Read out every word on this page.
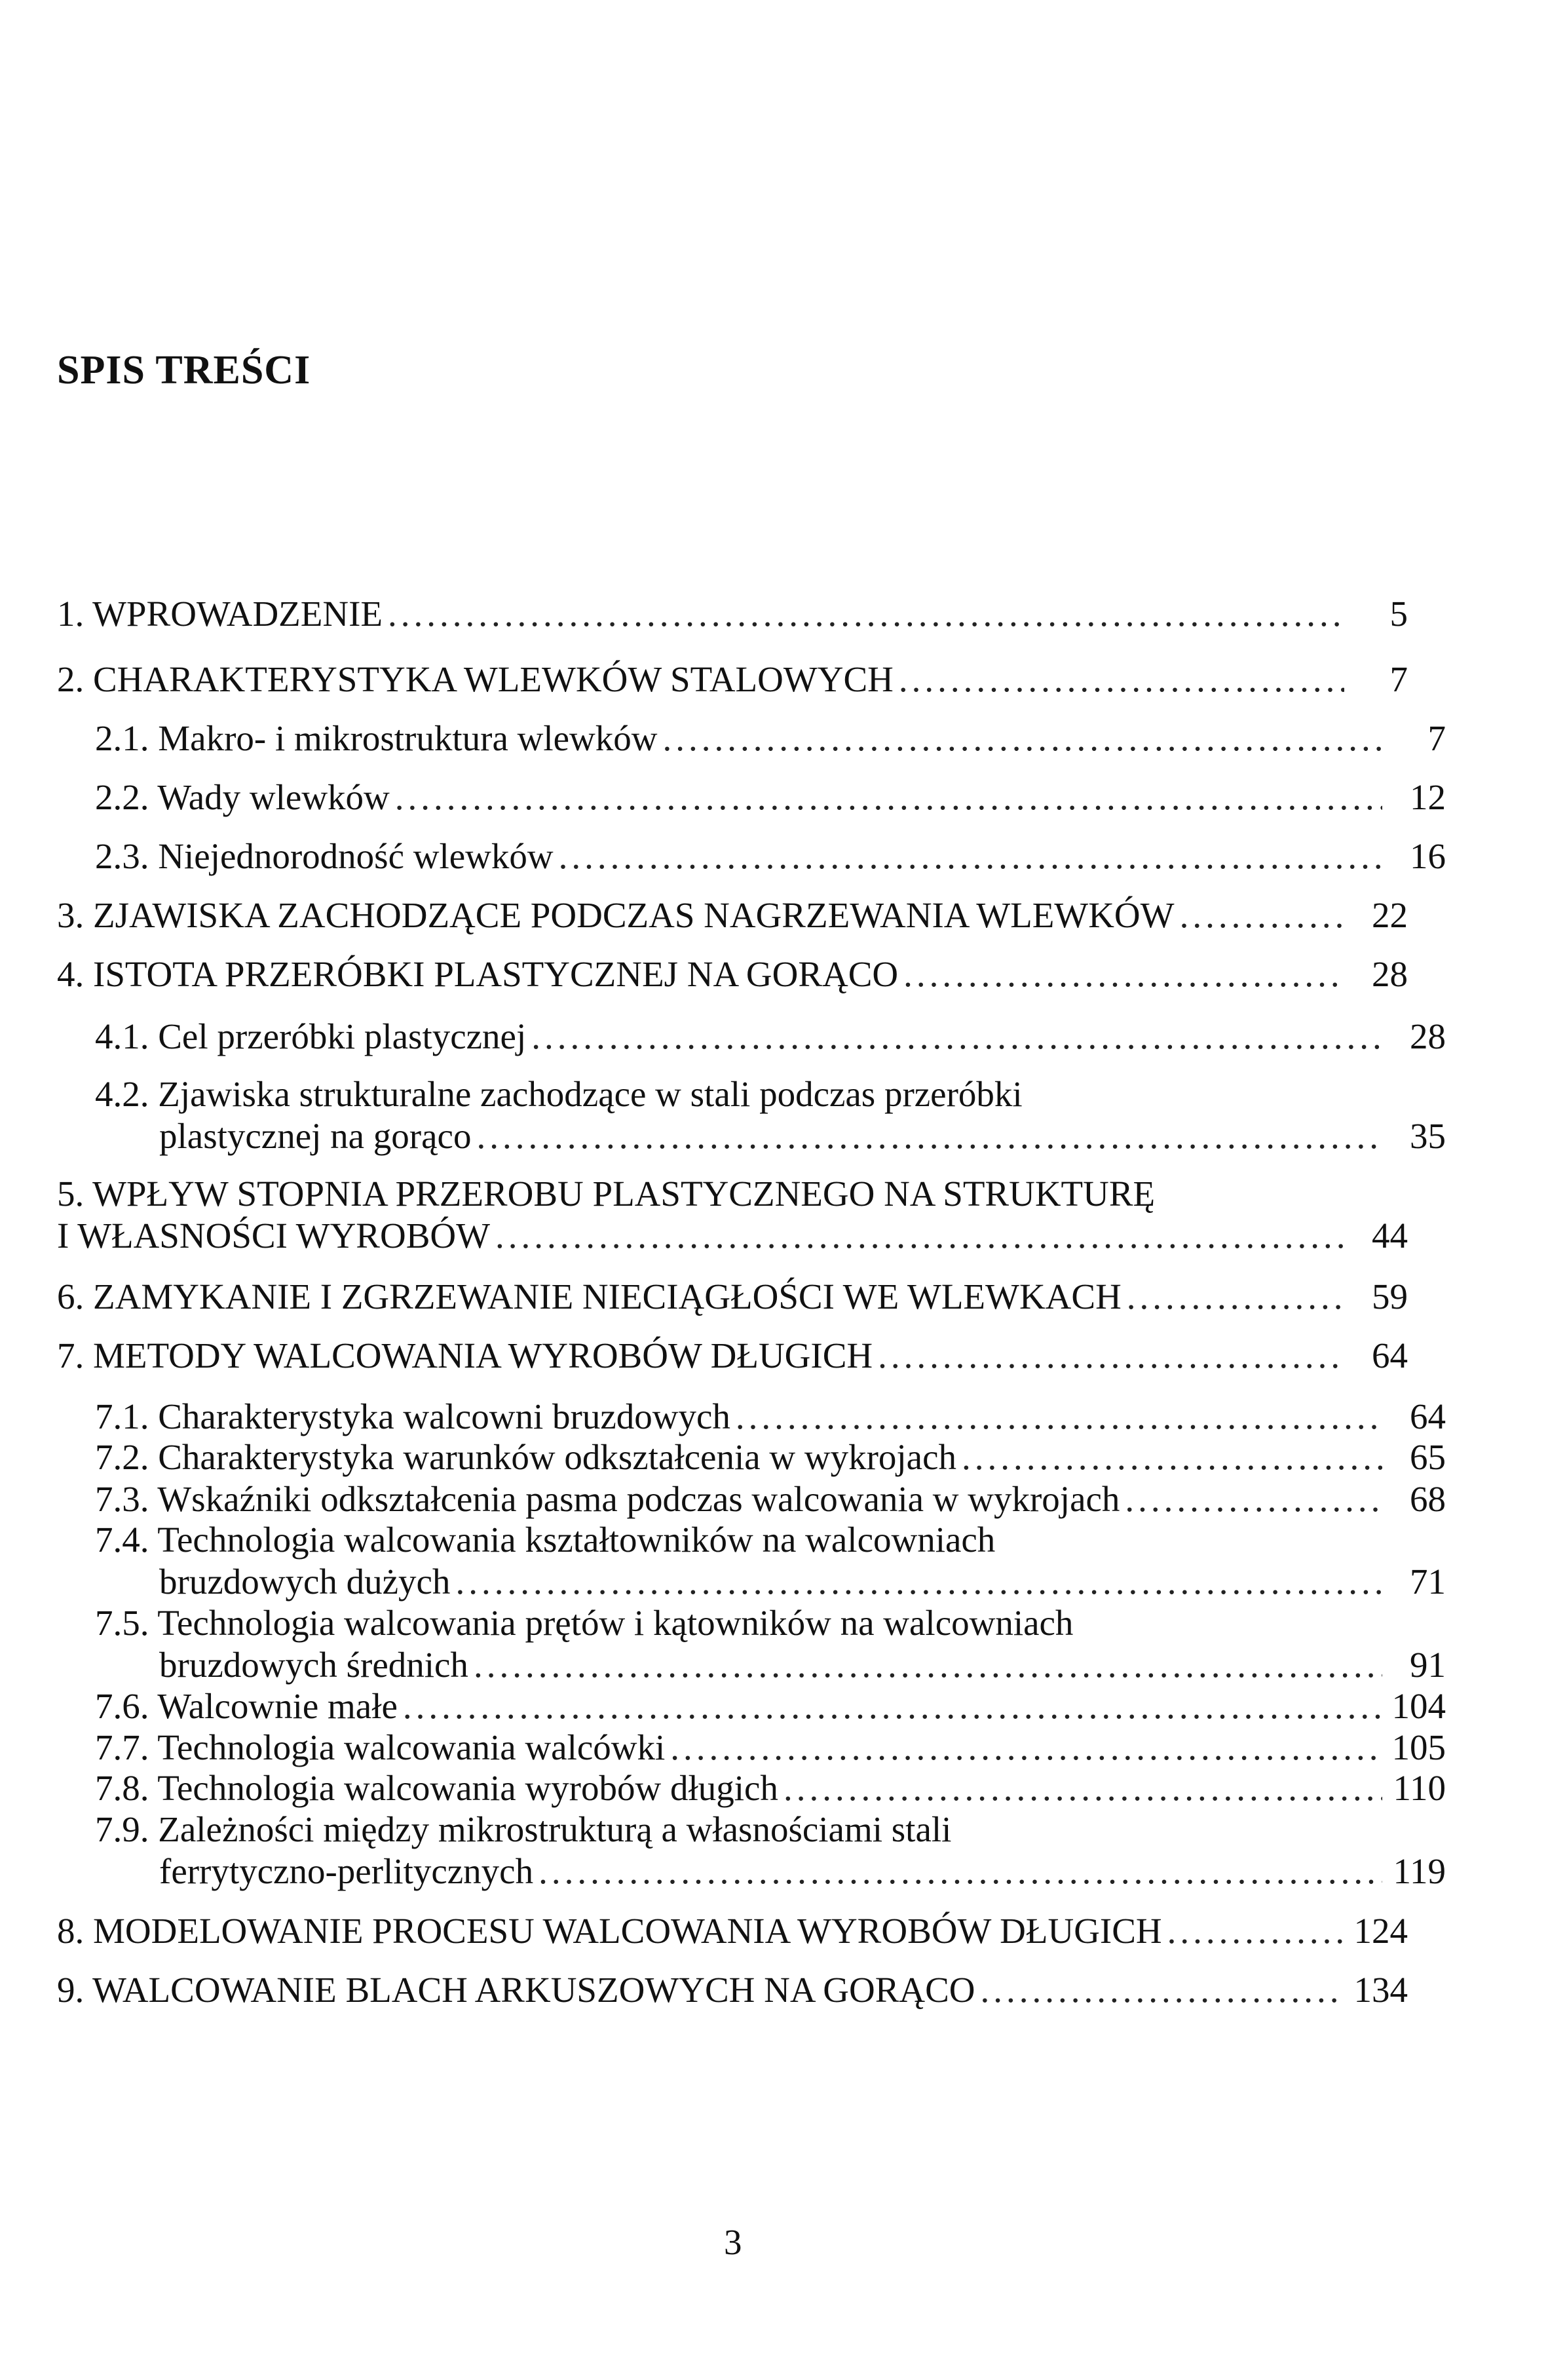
SPIS TREŚCI
1. WPROWADZENIE .....	5
2. CHARAKTERYSTYKA WLEWKÓW STALOWYCH .....	7
2.1. Makro- i mikrostruktura wlewków .....	7
2.2. Wady wlewków .....	12
2.3. Niejednorodność wlewków .....	16
3. ZJAWISKA ZACHODZĄCE PODCZAS NAGRZEWANIA WLEWKÓW .....	22
4. ISTOTA PRZERÓBKI PLASTYCZNEJ NA GORĄCO .....	28
4.1. Cel przeróbki plastycznej .....	28
4.2. Zjawiska strukturalne zachodzące w stali podczas przeróbki
plastycznej na gorąco .....	35
5. WPŁYW STOPNIA PRZEROBU PLASTYCZNEGO NA STRUKTURĘ
I WŁASNOŚCI WYROBÓW .....	44
6. ZAMYKANIE I ZGRZEWANIE NIECIĄGŁOŚCI WE WLEWKACH .....	59
7. METODY WALCOWANIA WYROBÓW DŁUGICH .....	64
7.1. Charakterystyka walcowni bruzdowych .....	64
7.2. Charakterystyka warunków odkształcenia w wykrojach .....	65
7.3. Wskaźniki odkształcenia pasma podczas walcowania w wykrojach .....	68
7.4. Technologia walcowania kształtowników na walcowniach
bruzdowych dużych .....	71
7.5. Technologia walcowania prętów i kątowników na walcowniach
bruzdowych średnich .....	91
7.6. Walcownie małe .....	104
7.7. Technologia walcowania walcówki .....	105
7.8. Technologia walcowania wyrobów długich .....	110
7.9. Zależności między mikrostrukturą a własnościami stali
ferrytyczno-perlitycznych .....	119
8. MODELOWANIE PROCESU WALCOWANIA WYROBÓW DŁUGICH .....	124
9. WALCOWANIE BLACH ARKUSZOWYCH NA GORĄCO .....	134
3
